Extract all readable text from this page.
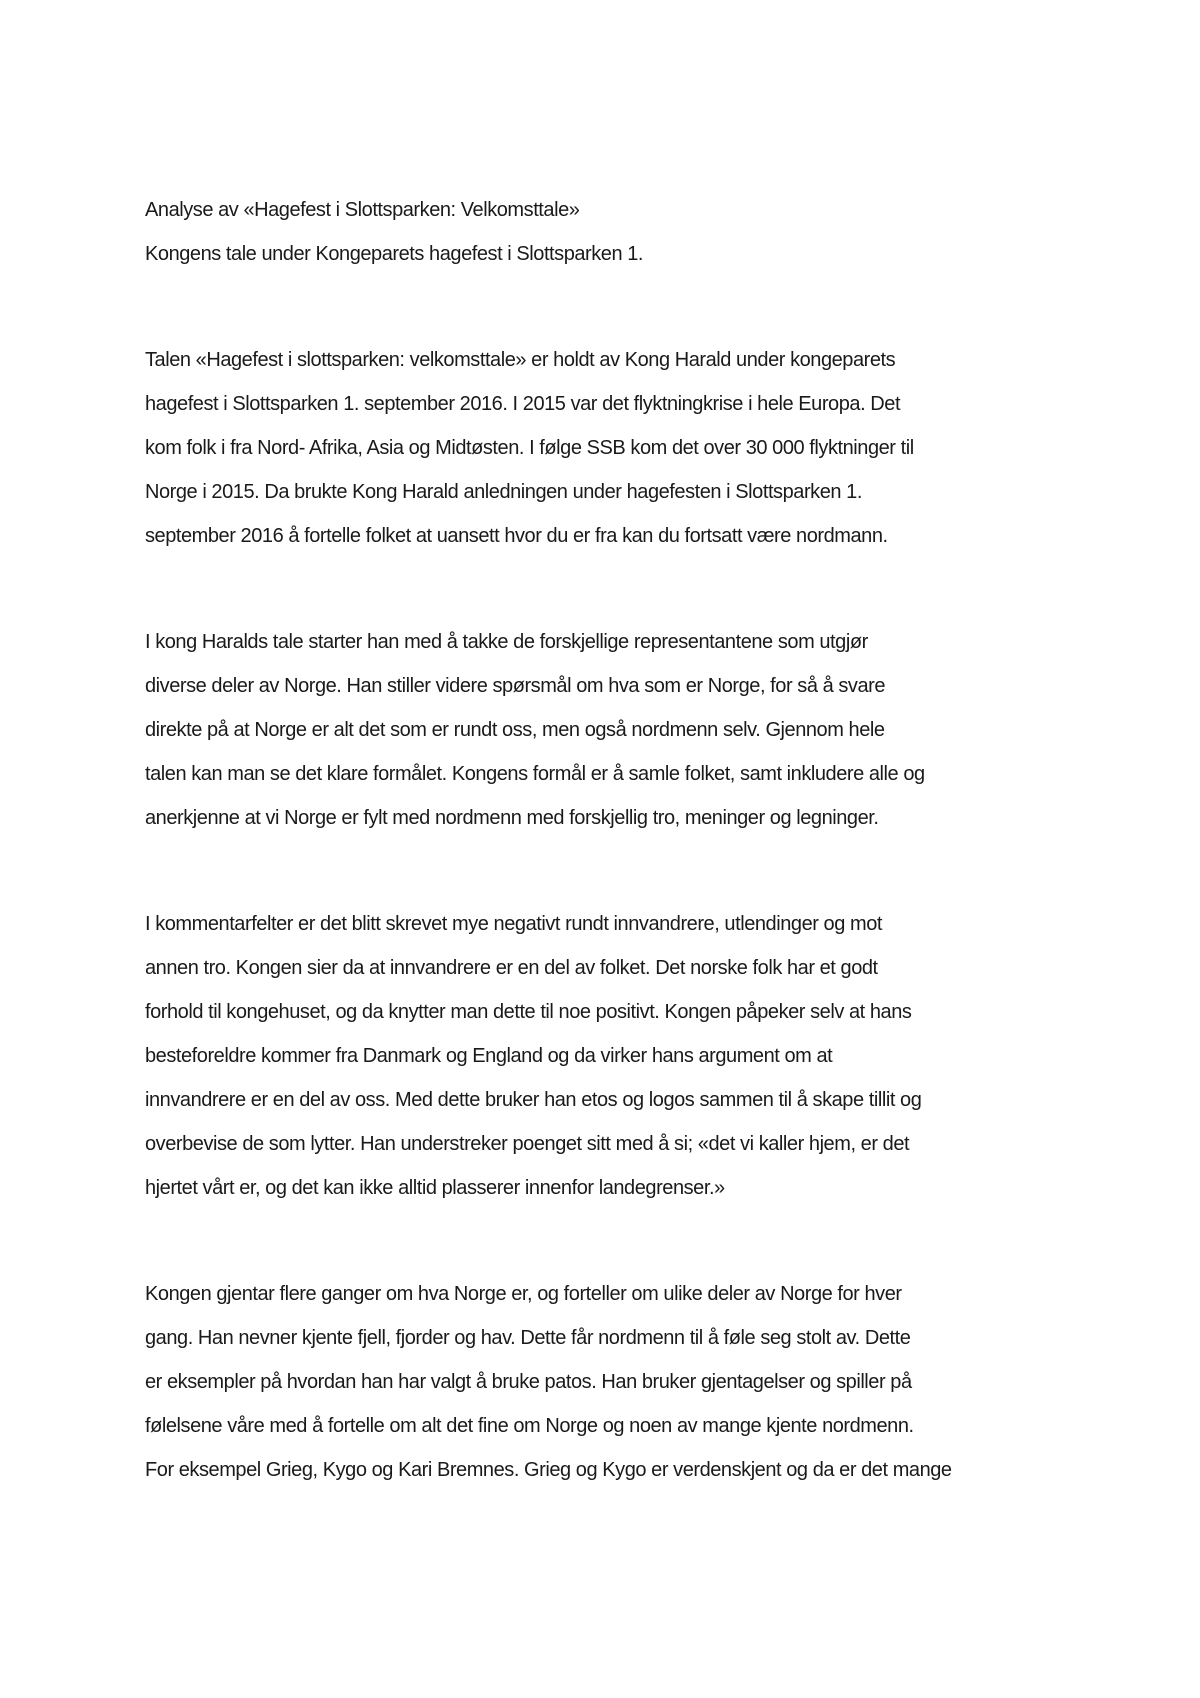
Analyse av «Hagefest i Slottsparken: Velkomsttale»
Kongens tale under Kongeparets hagefest i Slottsparken 1.
Talen «Hagefest i slottsparken: velkomsttale» er holdt av Kong Harald under kongeparets
hagefest i Slottsparken 1. september 2016. I 2015 var det flyktningkrise i hele Europa. Det
kom folk i fra Nord- Afrika, Asia og Midtøsten. I følge SSB kom det over 30 000 flyktninger til
Norge i 2015. Da brukte Kong Harald anledningen under hagefesten i Slottsparken 1.
september 2016 å fortelle folket at uansett hvor du er fra kan du fortsatt være nordmann.
I kong Haralds tale starter han med å takke de forskjellige representantene som utgjør
diverse deler av Norge. Han stiller videre spørsmål om hva som er Norge, for så å svare
direkte på at Norge er alt det som er rundt oss, men også nordmenn selv. Gjennom hele
talen kan man se det klare formålet. Kongens formål er å samle folket, samt inkludere alle og
anerkjenne at vi Norge er fylt med nordmenn med forskjellig tro, meninger og legninger.
I kommentarfelter er det blitt skrevet mye negativt rundt innvandrere, utlendinger og mot
annen tro. Kongen sier da at innvandrere er en del av folket. Det norske folk har et godt
forhold til kongehuset, og da knytter man dette til noe positivt. Kongen påpeker selv at hans
besteforeldre kommer fra Danmark og England og da virker hans argument om at
innvandrere er en del av oss. Med dette bruker han etos og logos sammen til å skape tillit og
overbevise de som lytter. Han understreker poenget sitt med å si; «det vi kaller hjem, er det
hjertet vårt er, og det kan ikke alltid plasserer innenfor landegrenser.»
Kongen gjentar flere ganger om hva Norge er, og forteller om ulike deler av Norge for hver
gang. Han nevner kjente fjell, fjorder og hav. Dette får nordmenn til å føle seg stolt av. Dette
er eksempler på hvordan han har valgt å bruke patos. Han bruker gjentagelser og spiller på
følelsene våre med å fortelle om alt det fine om Norge og noen av mange kjente nordmenn.
For eksempel Grieg, Kygo og Kari Bremnes. Grieg og Kygo er verdenskjent og da er det mange
